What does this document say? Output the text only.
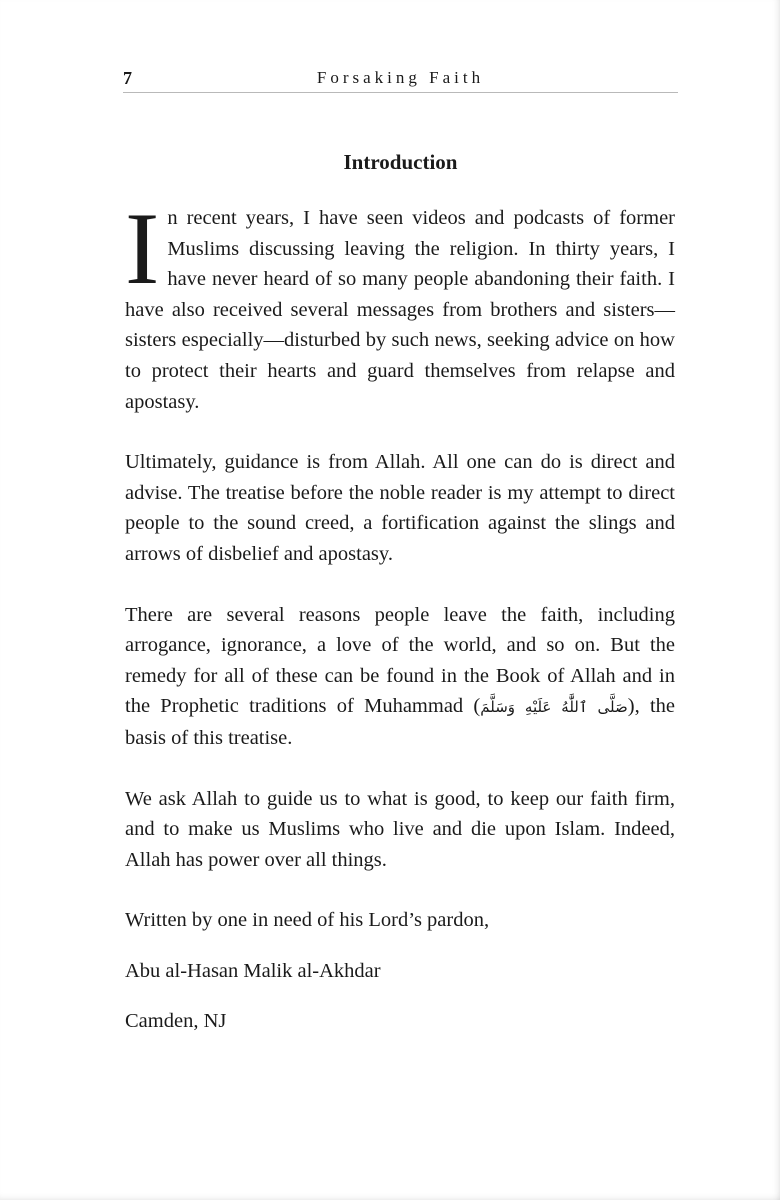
7	Forsaking Faith
Introduction

In recent years, I have seen videos and podcasts of former Muslims discussing leaving the religion. In thirty years, I have never heard of so many people abandoning their faith. I have also received several messages from brothers and sisters—sisters especially—disturbed by such news, seeking advice on how to protect their hearts and guard themselves from relapse and apostasy.

Ultimately, guidance is from Allah. All one can do is direct and advise. The treatise before the noble reader is my attempt to direct people to the sound creed, a fortification against the slings and arrows of disbelief and apostasy.

There are several reasons people leave the faith, including arrogance, ignorance, a love of the world, and so on. But the remedy for all of these can be found in the Book of Allah and in the Prophetic traditions of Muhammad (صَلَّى ٱللَّٰهُ عَلَيْهِ وَسَلَّمَ), the basis of this treatise.

We ask Allah to guide us to what is good, to keep our faith firm, and to make us Muslims who live and die upon Islam. Indeed, Allah has power over all things.

Written by one in need of his Lord’s pardon,

Abu al-Hasan Malik al-Akhdar

Camden, NJ
